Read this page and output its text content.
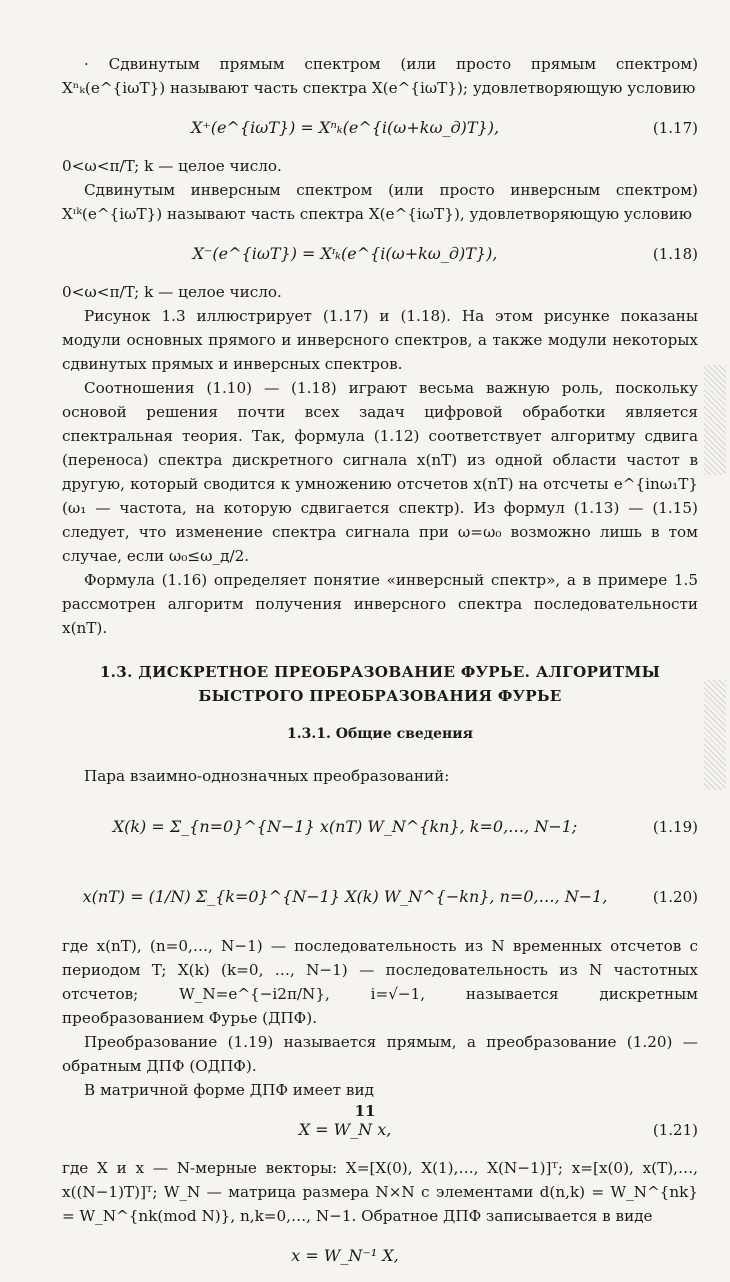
· Сдвинутым прямым спектром (или просто прямым спектром) Xⁿₖ(e^{iωT}) называют часть спектра X(e^{iωT}); удовлетворяющую условию

X⁺(e^{iωT}) = Xⁿₖ(e^{i(ω+kω_д)T}),	(1.17)

0<ω<π/T; k — целое число.

Сдвинутым инверсным спектром (или просто инверсным спектром) Xᶦᵏ(e^{iωT}) называют часть спектра X(e^{iωT}), удовлетворяющую условию

X⁻(e^{iωT}) = Xᶦₖ(e^{i(ω+kω_д)T}),	(1.18)

0<ω<π/T; k — целое число.

Рисунок 1.3 иллюстрирует (1.17) и (1.18). На этом рисунке показаны модули основных прямого и инверсного спектров, а также модули некоторых сдвинутых прямых и инверсных спектров.

Соотношения (1.10) — (1.18) играют весьма важную роль, поскольку основой решения почти всех задач цифровой обработки является спектральная теория. Так, формула (1.12) соответствует алгоритму сдвига (переноса) спектра дискретного сигнала x(nT) из одной области частот в другую, который сводится к умножению отсчетов x(nT) на отсчеты e^{inω₁T} (ω₁ — частота, на которую сдвигается спектр). Из формул (1.13) — (1.15) следует, что изменение спектра сигнала при ω=ω₀ возможно лишь в том случае, если ω₀≤ω_д/2.

Формула (1.16) определяет понятие «инверсный спектр», а в примере 1.5 рассмотрен алгоритм получения инверсного спектра последовательности x(nT).

1.3. ДИСКРЕТНОЕ ПРЕОБРАЗОВАНИЕ ФУРЬЕ. АЛГОРИТМЫ БЫСТРОГО ПРЕОБРАЗОВАНИЯ ФУРЬЕ
1.3.1. Общие сведения

Пара взаимно-однозначных преобразований:

X(k) = Σ_{n=0}^{N−1} x(nT) W_N^{kn}, k=0,…, N−1;	(1.19)
x(nT) = (1/N) Σ_{k=0}^{N−1} X(k) W_N^{−kn}, n=0,…, N−1,	(1.20)

где x(nT), (n=0,…, N−1) — последовательность из N временных отсчетов с периодом T; X(k) (k=0, …, N−1) — последовательность из N частотных отсчетов; W_N=e^{−i2π/N}, i=√−1, называется дискретным преобразованием Фурье (ДПФ).

Преобразование (1.19) называется прямым, а преобразование (1.20) — обратным ДПФ (ОДПФ).

В матричной форме ДПФ имеет вид

X = W_N x,	(1.21)

где X и x — N-мерные векторы: X=[X(0), X(1),…, X(N−1)]ᵀ; x=[x(0), x(T),…, x((N−1)T)]ᵀ; W_N — матрица размера N×N с элементами d(n,k) = W_N^{nk} = W_N^{nk(mod N)}, n,k=0,…, N−1. Обратное ДПФ записывается в виде

x = W_N⁻¹ X,
11
